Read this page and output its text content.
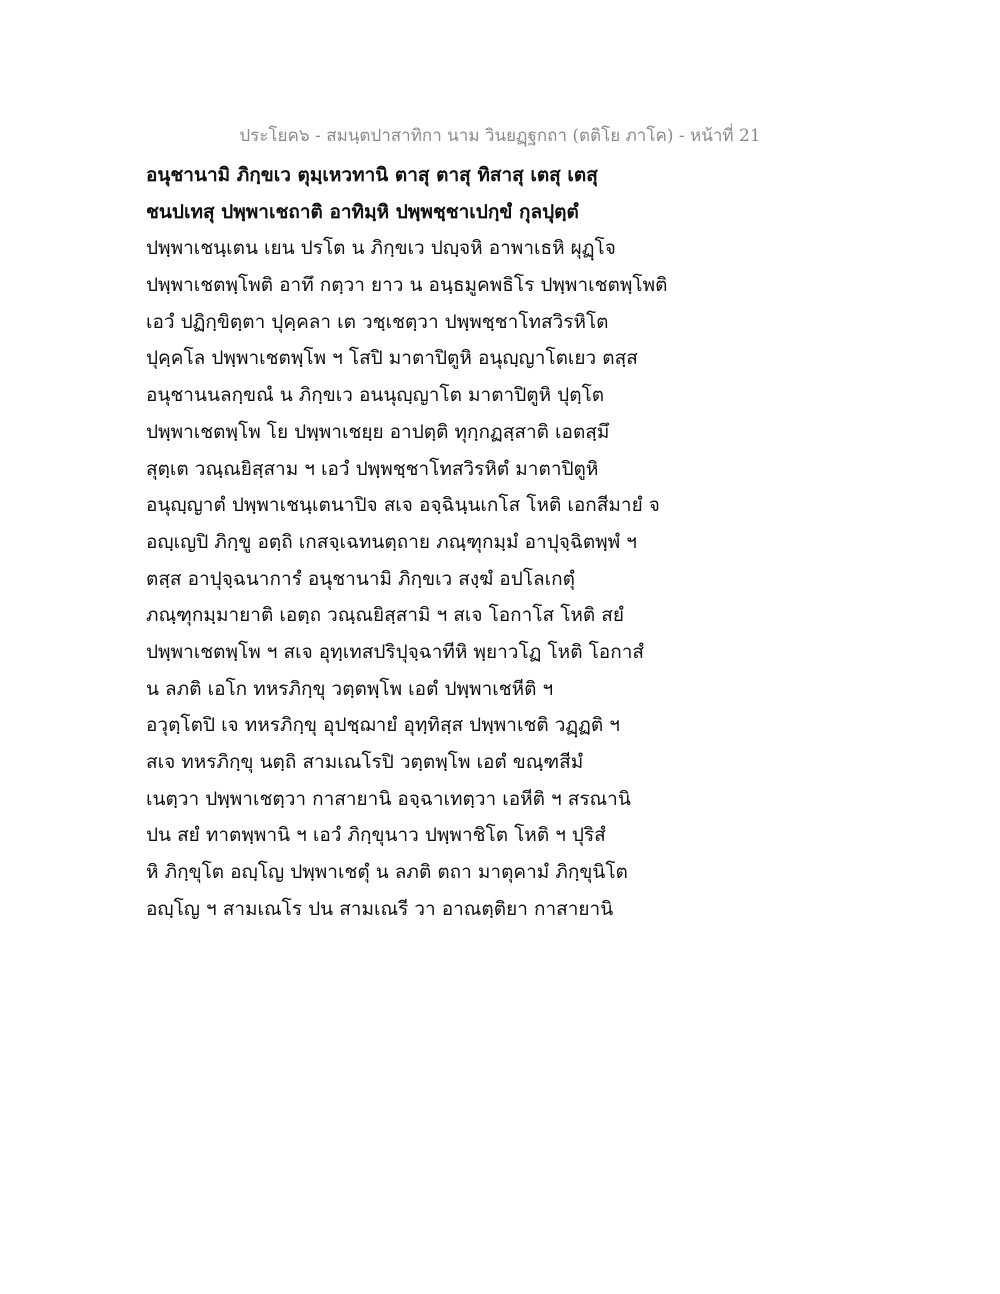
ประโยค๖ - สมนฺตปาสาทิกา นาม วินยฏฺฐกถา (ตติโย ภาโค) - หน้าที่ 21
อนุชานามิ ภิกฺขเว ตุมฺเหวทานิ ตาสุ ตาสุ ทิสาสุ เตสุ เตสุ
ชนปเทสุ ปพฺพาเชถาติ อาทิมฺหิ ปพฺพชฺชาเปกฺขํ กุลปุตฺตํ
ปพฺพาเชนฺเตน เยน ปรโต น ภิกฺขเว ปญฺจหิ อาพาเธหิ ผุฏฺโจ
ปพฺพาเชตพฺโพติ อาทึ กตฺวา ยาว น อนฺธมูคพธิโร ปพฺพาเชตพฺโพติ
เอวํ ปฏิกฺขิตฺตา ปุคฺคลา เต วชฺเชตฺวา ปพฺพชฺชาโทสวิรหิโต
ปุคฺคโล ปพฺพาเชตพฺโพ ฯ โสปิ มาตาปิตูหิ อนุญฺญาโตเยว ตสฺส
อนุชานนลกฺขณํ น ภิกฺขเว อนนุญฺญาโต มาตาปิตูหิ ปุตฺโต
ปพฺพาเชตพฺโพ โย ปพฺพาเชยฺย อาปตฺติ ทุกฺกฏสฺสาติ เอตสฺมึ
สุตฺเต วณฺณยิสฺสาม ฯ เอวํ ปพฺพชฺชาโทสวิรหิตํ มาตาปิตูหิ
อนุญฺญาตํ ปพฺพาเชนฺเตนาปิจ สเจ อจฺฉินฺนเกโส โหติ เอกสีมายํ จ
อญฺเญปิ ภิกฺขู อตฺถิ เกสจฺเฉทนตฺถาย ภณฺฑุกมฺมํ อาปุจฺฉิตพฺพํ ฯ
ตสฺส อาปุจฺฉนาการํ อนุชานามิ ภิกฺขเว สงฺฆํ อปโลเกตุํ
ภณฺฑุกมฺมายาติ เอตฺถ วณฺณยิสฺสามิ ฯ สเจ โอกาโส โหติ สยํ
ปพฺพาเชตพฺโพ ฯ สเจ อุทฺเทสปริปุจฺฉาทีหิ พฺยาวโฏ โหติ โอกาสํ
น ลภติ เอโก ทหรภิกฺขุ วตฺตพฺโพ เอตํ ปพฺพาเชหีติ ฯ
อวุตฺโตปิ เจ ทหรภิกฺขุ อุปชฺฌายํ อุทฺทิสฺส ปพฺพาเชติ วฏฺฏติ ฯ
สเจ ทหรภิกฺขุ นตฺถิ สามเณโรปิ วตฺตพฺโพ เอตํ ขณฺฑสีมํ
เนตฺวา ปพฺพาเชตฺวา กาสายานิ อจฺฉาเทตฺวา เอหีติ ฯ สรณานิ
ปน สยํ ทาตพฺพานิ ฯ เอวํ ภิกฺขุนาว ปพฺพาชิโต โหติ ฯ ปุริสํ
หิ ภิกฺขุโต อญฺโญ ปพฺพาเชตุํ น ลภติ ตถา มาตุคามํ ภิกฺขุนิโต
อญฺโญ ฯ สามเณโร ปน สามเณรี วา อาณตฺติยา กาสายานิ
